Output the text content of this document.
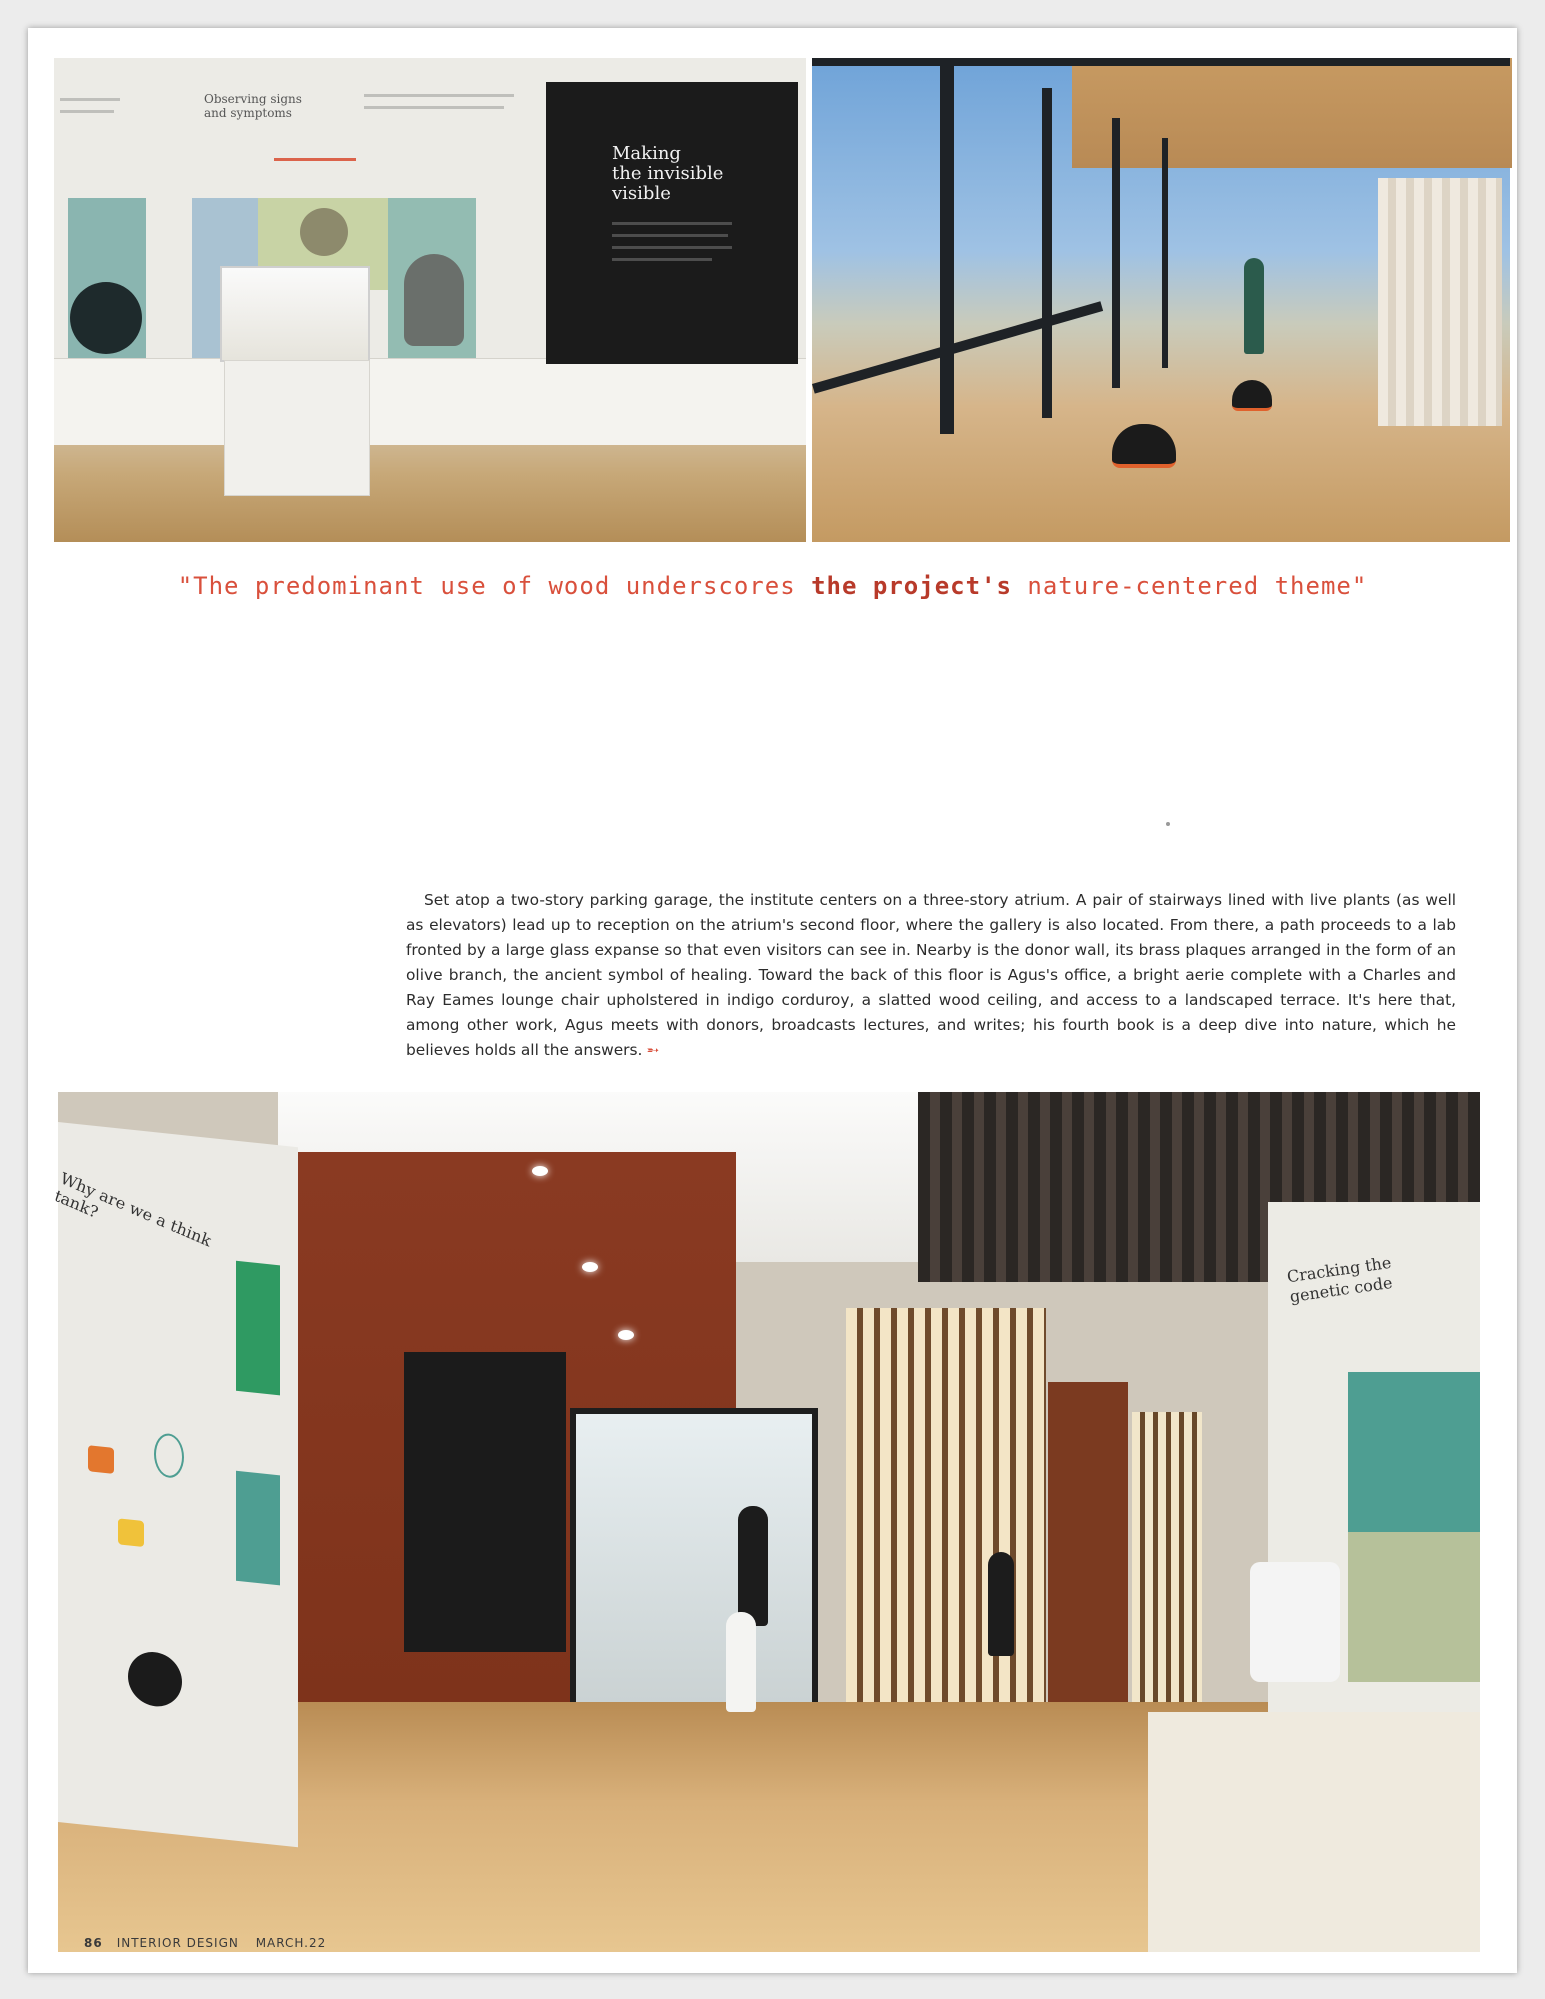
Observing signs
and symptoms
Making
the invisible
visible
"The predominant use of wood underscores the project's nature-centered theme"

Set atop a two-story parking garage, the institute centers on a three-story atrium. A pair of stairways lined with live plants (as well as elevators) lead up to reception on the atrium's second floor, where the gallery is also located. From there, a path proceeds to a lab fronted by a large glass expanse so that even visitors can see in. Nearby is the donor wall, its brass plaques arranged in the form of an olive branch, the ancient symbol of healing. Toward the back of this floor is Agus's office, a bright aerie complete with a Charles and Ray Eames lounge chair upholstered in indigo corduroy, a slatted wood ceiling, and access to a landscaped terrace. It's here that, among other work, Agus meets with donors, broadcasts lectures, and writes; his fourth book is a deep dive into nature, which he believes holds all the answers. ➵

Why are we a think tank?
Cracking the
genetic code
86 INTERIOR DESIGN MARCH.22
